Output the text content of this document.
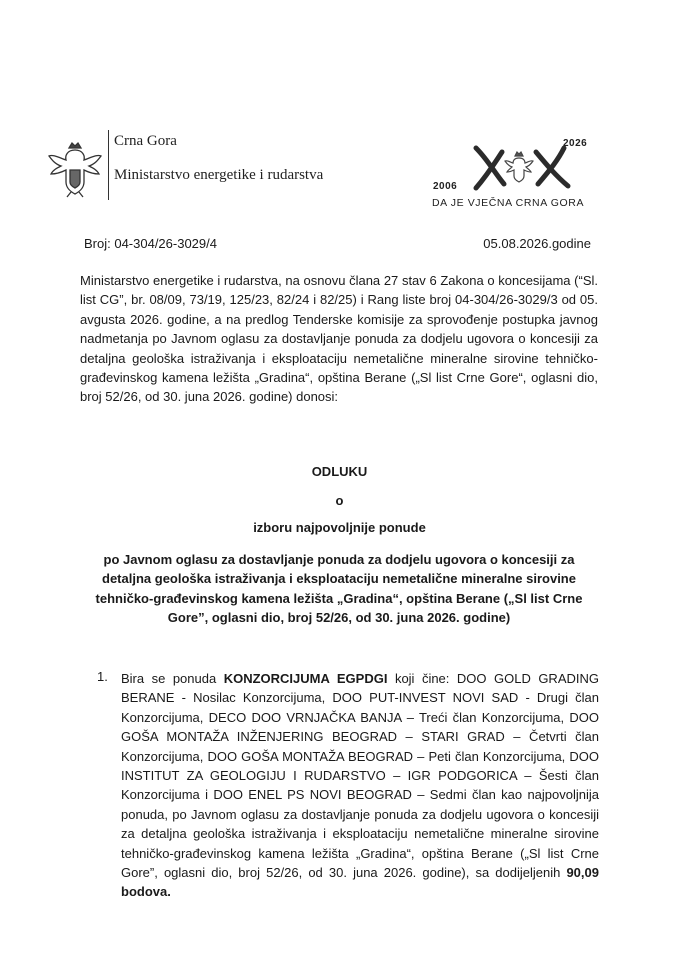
Crna Gora
Ministarstvo energetike i rudarstva
2026
2006
DA JE VJEČNA CRNA GORA
Broj: 04-304/26-3029/4	05.08.2026.godine
Ministarstvo energetike i rudarstva, na osnovu člana 27 stav 6 Zakona o koncesijama (“Sl. list CG”, br. 08/09, 73/19, 125/23, 82/24 i 82/25) i Rang liste broj 04-304/26-3029/3 od 05. avgusta 2026. godine, a na predlog Tenderske komisije za sprovođenje postupka javnog nadmetanja po Javnom oglasu za dostavljanje ponuda za dodjelu ugovora o koncesiji za detaljna geološka istraživanja i eksploataciju nemetalične mineralne sirovine tehničko-građevinskog kamena ležišta „Gradina“, opština Berane („Sl list Crne Gore“, oglasni dio, broj 52/26, od 30. juna 2026. godine) donosi:
ODLUKU
o
izboru najpovoljnije ponude
po Javnom oglasu za dostavljanje ponuda za dodjelu ugovora o koncesiji za detaljna geološka istraživanja i eksploataciju nemetalične mineralne sirovine tehničko-građevinskog kamena ležišta „Gradina“, opština Berane („Sl list Crne Gore”, oglasni dio, broj 52/26, od 30. juna 2026. godine)
1. Bira se ponuda KONZORCIJUMA EGPDGI koji čine: DOO GOLD GRADING BERANE - Nosilac Konzorcijuma, DOO PUT-INVEST NOVI SAD - Drugi član Konzorcijuma, DECO DOO VRNJAČKA BANJA – Treći član Konzorcijuma, DOO GOŠA MONTAŽA INŽENJERING BEOGRAD – STARI GRAD – Četvrti član Konzorcijuma, DOO GOŠA MONTAŽA BEOGRAD – Peti član Konzorcijuma, DOO INSTITUT ZA GEOLOGIJU I RUDARSTVO – IGR PODGORICA – Šesti član Konzorcijuma i DOO ENEL PS NOVI BEOGRAD – Sedmi član kao najpovoljnija ponuda, po Javnom oglasu za dostavljanje ponuda za dodjelu ugovora o koncesiji za detaljna geološka istraživanja i eksploataciju nemetalične mineralne sirovine tehničko-građevinskog kamena ležišta „Gradina“, opština Berane („Sl list Crne Gore”, oglasni dio, broj 52/26, od 30. juna 2026. godine), sa dodijeljenih 90,09 bodova.
